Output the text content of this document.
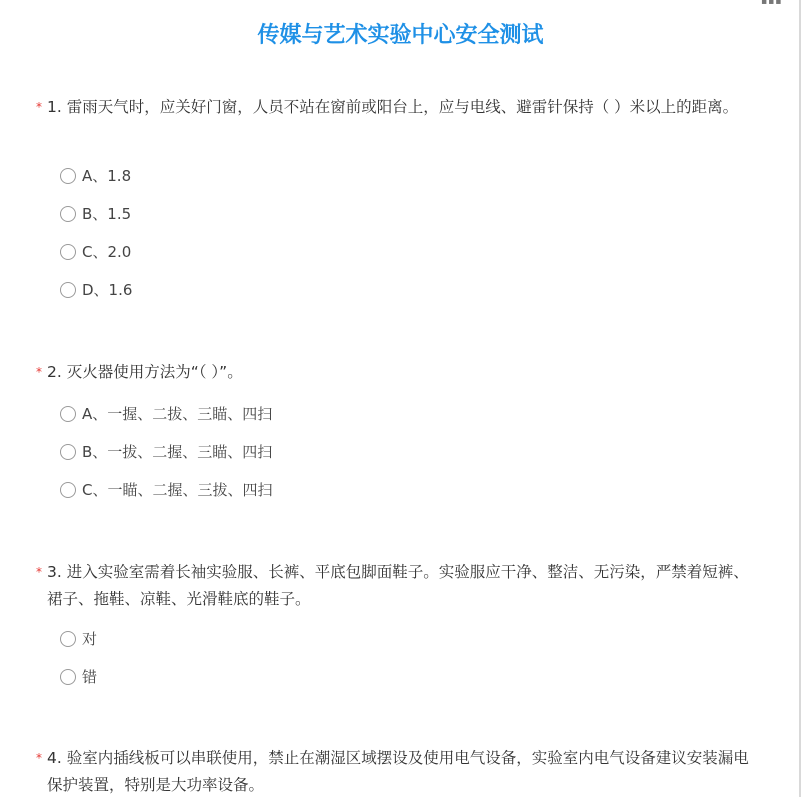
▪▪▪
传媒与艺术实验中心安全测试
* 1. 雷雨天气时，应关好门窗，人员不站在窗前或阳台上，应与电线、避雷针保持（ ）米以上的距离。
A、1.8
B、1.5
C、2.0
D、1.6
* 2. 灭火器使用方法为“（ ）”。
A、一握、二拔、三瞄、四扫
B、一拔、二握、三瞄、四扫
C、一瞄、二握、三拔、四扫
* 3. 进入实验室需着长袖实验服、长裤、平底包脚面鞋子。实验服应干净、整洁、无污染，严禁着短裤、裙子、拖鞋、凉鞋、光滑鞋底的鞋子。
对
错
* 4. 验室内插线板可以串联使用，禁止在潮湿区域摆设及使用电气设备，实验室内电气设备建议安装漏电保护装置，特别是大功率设备。
